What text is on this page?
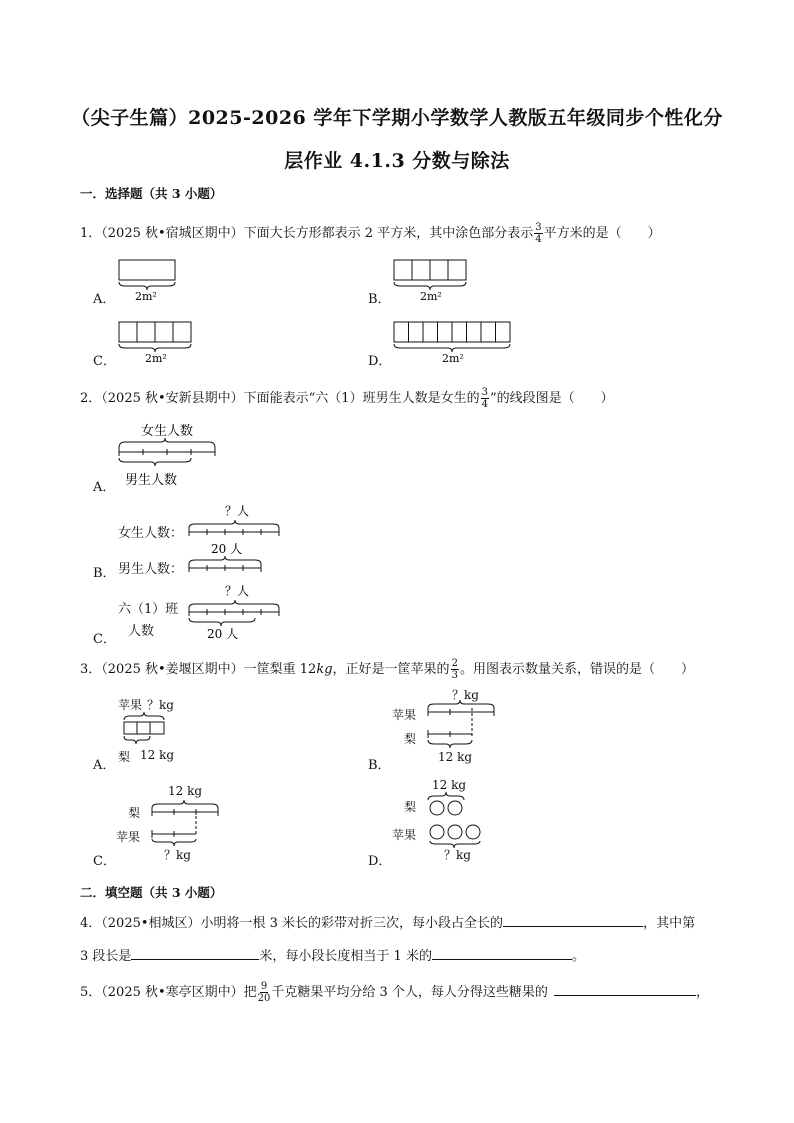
（尖子生篇）2025-2026 学年下学期小学数学人教版五年级同步个性化分
层作业 4.1.3 分数与除法
一．选择题（共 3 小题）
1．（2025 秋•宿城区期中）下面大长方形都表示 2 平方米，其中涂色部分表示 $\frac{3}{4}$ 平方米的是（　　）
A． 2m²	B．	2m²
C．	2m²	D．	2m²
2．（2025 秋•安新县期中）下面能表示“六（1）班男生人数是女生的 $\frac{3}{4}$ ”的线段图是（　　）
A．
女生人数
男生人数
女生人数：
B． 男生人数：
？人
20 人
六（1）班
人数
C．
？人
20 人
3．（2025 秋•姜堰区期中）一筐梨重 12kg，正好是一筐苹果的 $\frac{2}{3}$ 。用图表示数量关系，错误的是（　　）
A．
苹果 ？kg
梨 12 kg
B．
？kg
苹果
梨
12 kg
C．
12 kg
梨
苹果
？kg	D．
12 kg
梨
苹果
？kg
二．填空题（共 3 小题）
4．（2025•相城区）小明将一根 3 米长的彩带对折三次，每小段占全长的	，其中第
3 段长是	米，每小段长度相当于 1 米的	。
5．（2025 秋•寒亭区期中）把 $\frac{9}{20}$ 千克糖果平均分给 3 个人，每人分得这些糖果的	，
